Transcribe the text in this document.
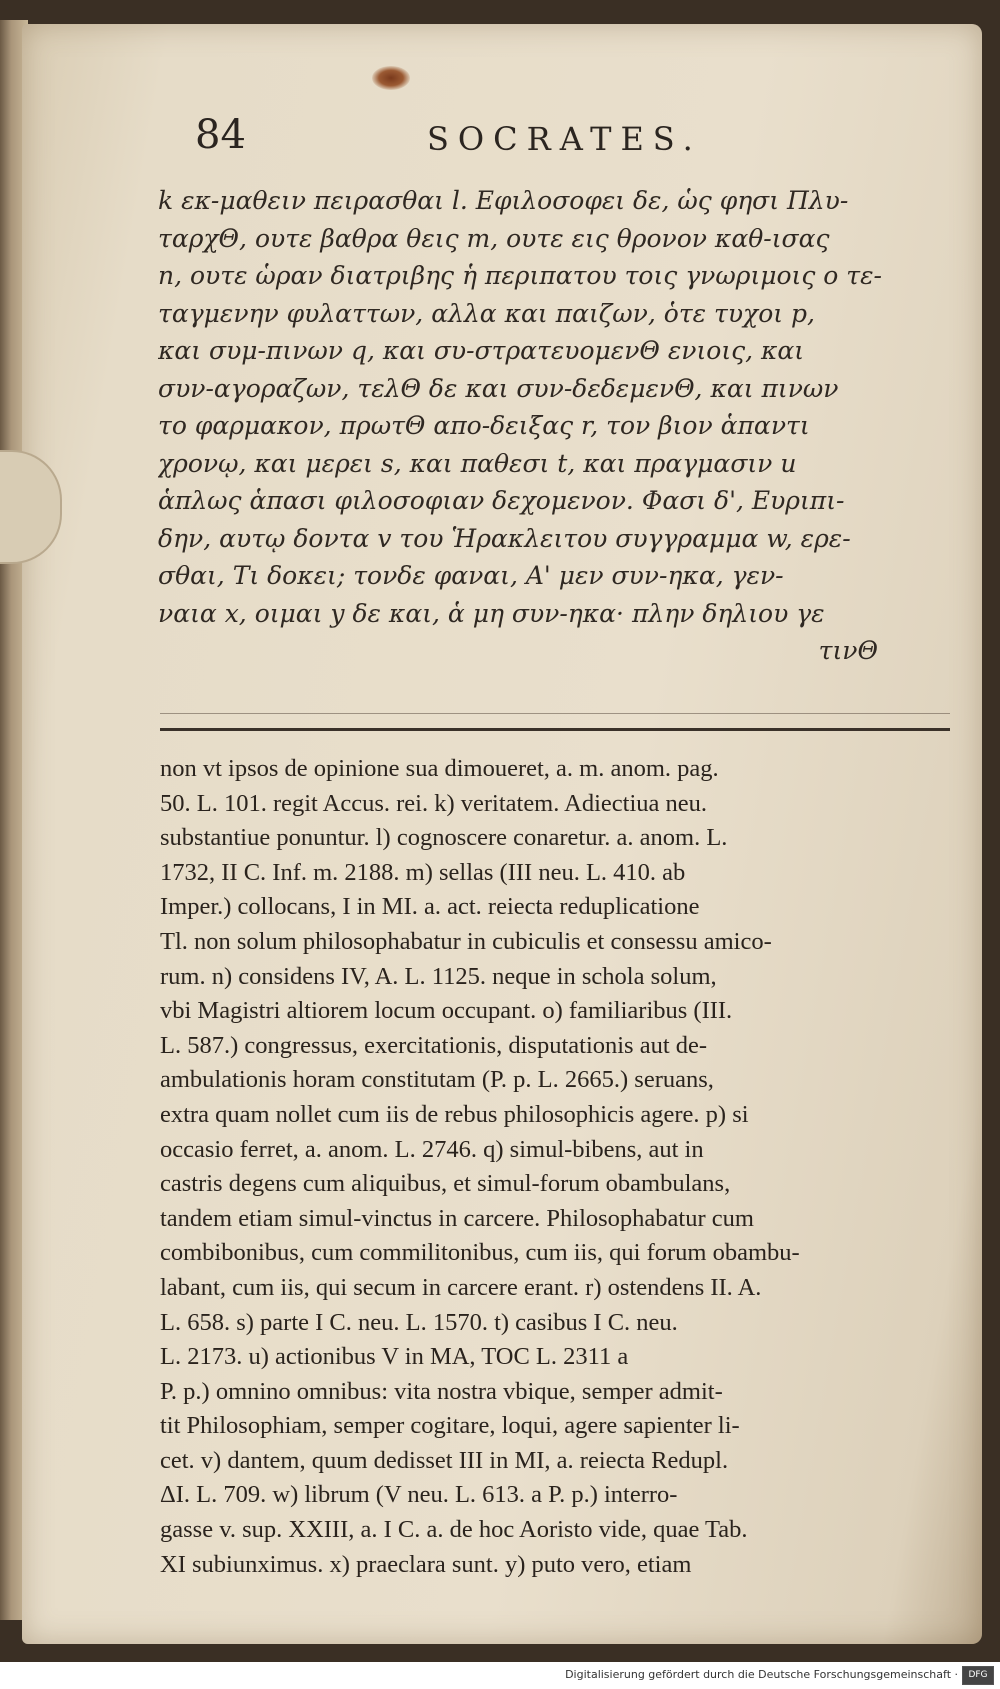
84	SOCRATES.
k εκ-μαθειν πειρασθαι l. Εφιλοσοφει δε, ὡς φησι Πλυ-
ταρχΘ, ουτε βαθρα θεις m, ουτε εις θρονον καθ-ισας
n, ουτε ὡραν διατριβης ἡ περιπατου τοις γνωριμοις ο τε-
ταγμενην φυλαττων, αλλα και παιζων, ὁτε τυχοι p,
και συμ-πινων q, και συ-στρατευομενΘ ενιοις, και
συν-αγοραζων, τελΘ δε και συν-δεδεμενΘ, και πινων
το φαρμακον, πρωτΘ απο-δειξας r, τον βιον ἁπαντι
χρονῳ, και μερει s, και παθεσι t, και πραγμασιν u
ἁπλως ἁπασι φιλοσοφιαν δεχομενον. Φασι δ', Ευριπι-
δην, αυτῳ δοντα v του Ἡρακλειτου συγγραμμα w, ερε-
σθαι, Τι δοκει; τονδε φαναι, Α' μεν συν-ηκα, γεν-
ναια x, οιμαι y δε και, ἁ μη συν-ηκα· πλην δηλιου γε
τινΘ
non vt ipsos de opinione sua dimoueret, a. m. anom. pag.
50. L. 101. regit Accus. rei. k) veritatem. Adiectiua neu.
substantiue ponuntur. l) cognoscere conaretur. a. anom. L.
1732, II C. Inf. m. 2188. m) sellas (III neu. L. 410. ab
Imper.) collocans, I in MI. a. act. reiecta reduplicatione
Tl. non solum philosophabatur in cubiculis et consessu amico-
rum. n) considens IV, A. L. 1125. neque in schola solum,
vbi Magistri altiorem locum occupant. o) familiaribus (III.
L. 587.) congressus, exercitationis, disputationis aut de-
ambulationis horam constitutam (P. p. L. 2665.) seruans,
extra quam nollet cum iis de rebus philosophicis agere. p) si
occasio ferret, a. anom. L. 2746. q) simul-bibens, aut in
castris degens cum aliquibus, et simul-forum obambulans,
tandem etiam simul-vinctus in carcere. Philosophabatur cum
combibonibus, cum commilitonibus, cum iis, qui forum obambu-
labant, cum iis, qui secum in carcere erant. r) ostendens II. A.
L. 658. s) parte I C. neu. L. 1570. t) casibus I C. neu.
L. 2173. u) actionibus V in MA, TOC L. 2311 a
P. p.) omnino omnibus: vita nostra vbique, semper admit-
tit Philosophiam, semper cogitare, loqui, agere sapienter li-
cet. v) dantem, quum dedisset III in MI, a. reiecta Redupl.
ΔI. L. 709. w) librum (V neu. L. 613. a P. p.) interro-
gasse v. sup. XXIII, a. I C. a. de hoc Aoristo vide, quae Tab.
XI subiunximus. x) praeclara sunt. y) puto vero, etiam
Digitalisierung gefördert durch die Deutsche Forschungsgemeinschaft ·	DFG
